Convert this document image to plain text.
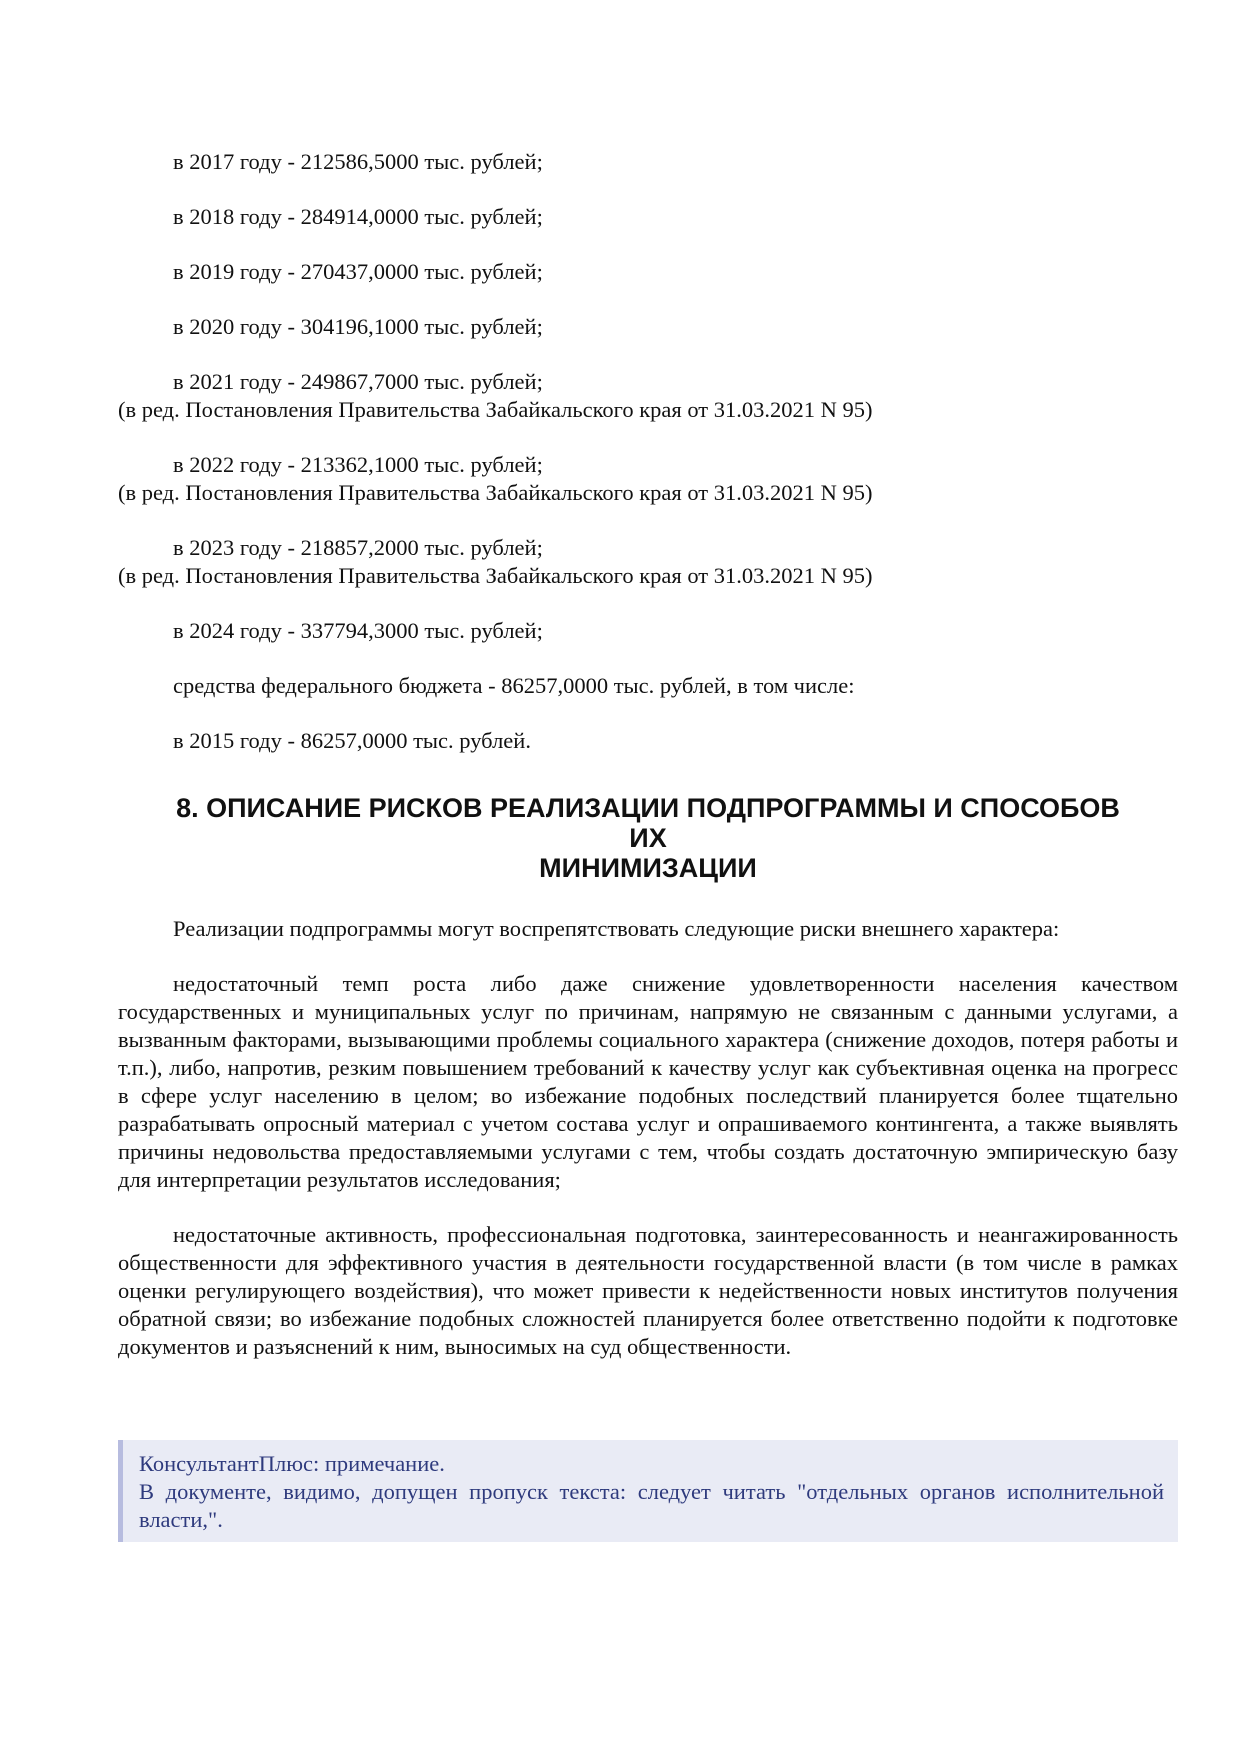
в 2017 году - 212586,5000 тыс. рублей;
в 2018 году - 284914,0000 тыс. рублей;
в 2019 году - 270437,0000 тыс. рублей;
в 2020 году - 304196,1000 тыс. рублей;
в 2021 году - 249867,7000 тыс. рублей;
(в ред. Постановления Правительства Забайкальского края от 31.03.2021 N 95)
в 2022 году - 213362,1000 тыс. рублей;
(в ред. Постановления Правительства Забайкальского края от 31.03.2021 N 95)
в 2023 году - 218857,2000 тыс. рублей;
(в ред. Постановления Правительства Забайкальского края от 31.03.2021 N 95)
в 2024 году - 337794,3000 тыс. рублей;
средства федерального бюджета - 86257,0000 тыс. рублей, в том числе:
в 2015 году - 86257,0000 тыс. рублей.
8. ОПИСАНИЕ РИСКОВ РЕАЛИЗАЦИИ ПОДПРОГРАММЫ И СПОСОБОВ
ИХ
МИНИМИЗАЦИИ
Реализации подпрограммы могут воспрепятствовать следующие риски внешнего характера:
недостаточный темп роста либо даже снижение удовлетворенности населения качеством государственных и муниципальных услуг по причинам, напрямую не связанным с данными услугами, а вызванным факторами, вызывающими проблемы социального характера (снижение доходов, потеря работы и т.п.), либо, напротив, резким повышением требований к качеству услуг как субъективная оценка на прогресс в сфере услуг населению в целом; во избежание подобных последствий планируется более тщательно разрабатывать опросный материал с учетом состава услуг и опрашиваемого контингента, а также выявлять причины недовольства предоставляемыми услугами с тем, чтобы создать достаточную эмпирическую базу для интерпретации результатов исследования;
недостаточные активность, профессиональная подготовка, заинтересованность и неангажированность общественности для эффективного участия в деятельности государственной власти (в том числе в рамках оценки регулирующего воздействия), что может привести к недейственности новых институтов получения обратной связи; во избежание подобных сложностей планируется более ответственно подойти к подготовке документов и разъяснений к ним, выносимых на суд общественности.
КонсультантПлюс: примечание.
В документе, видимо, допущен пропуск текста: следует читать "отдельных органов исполнительной власти,".
